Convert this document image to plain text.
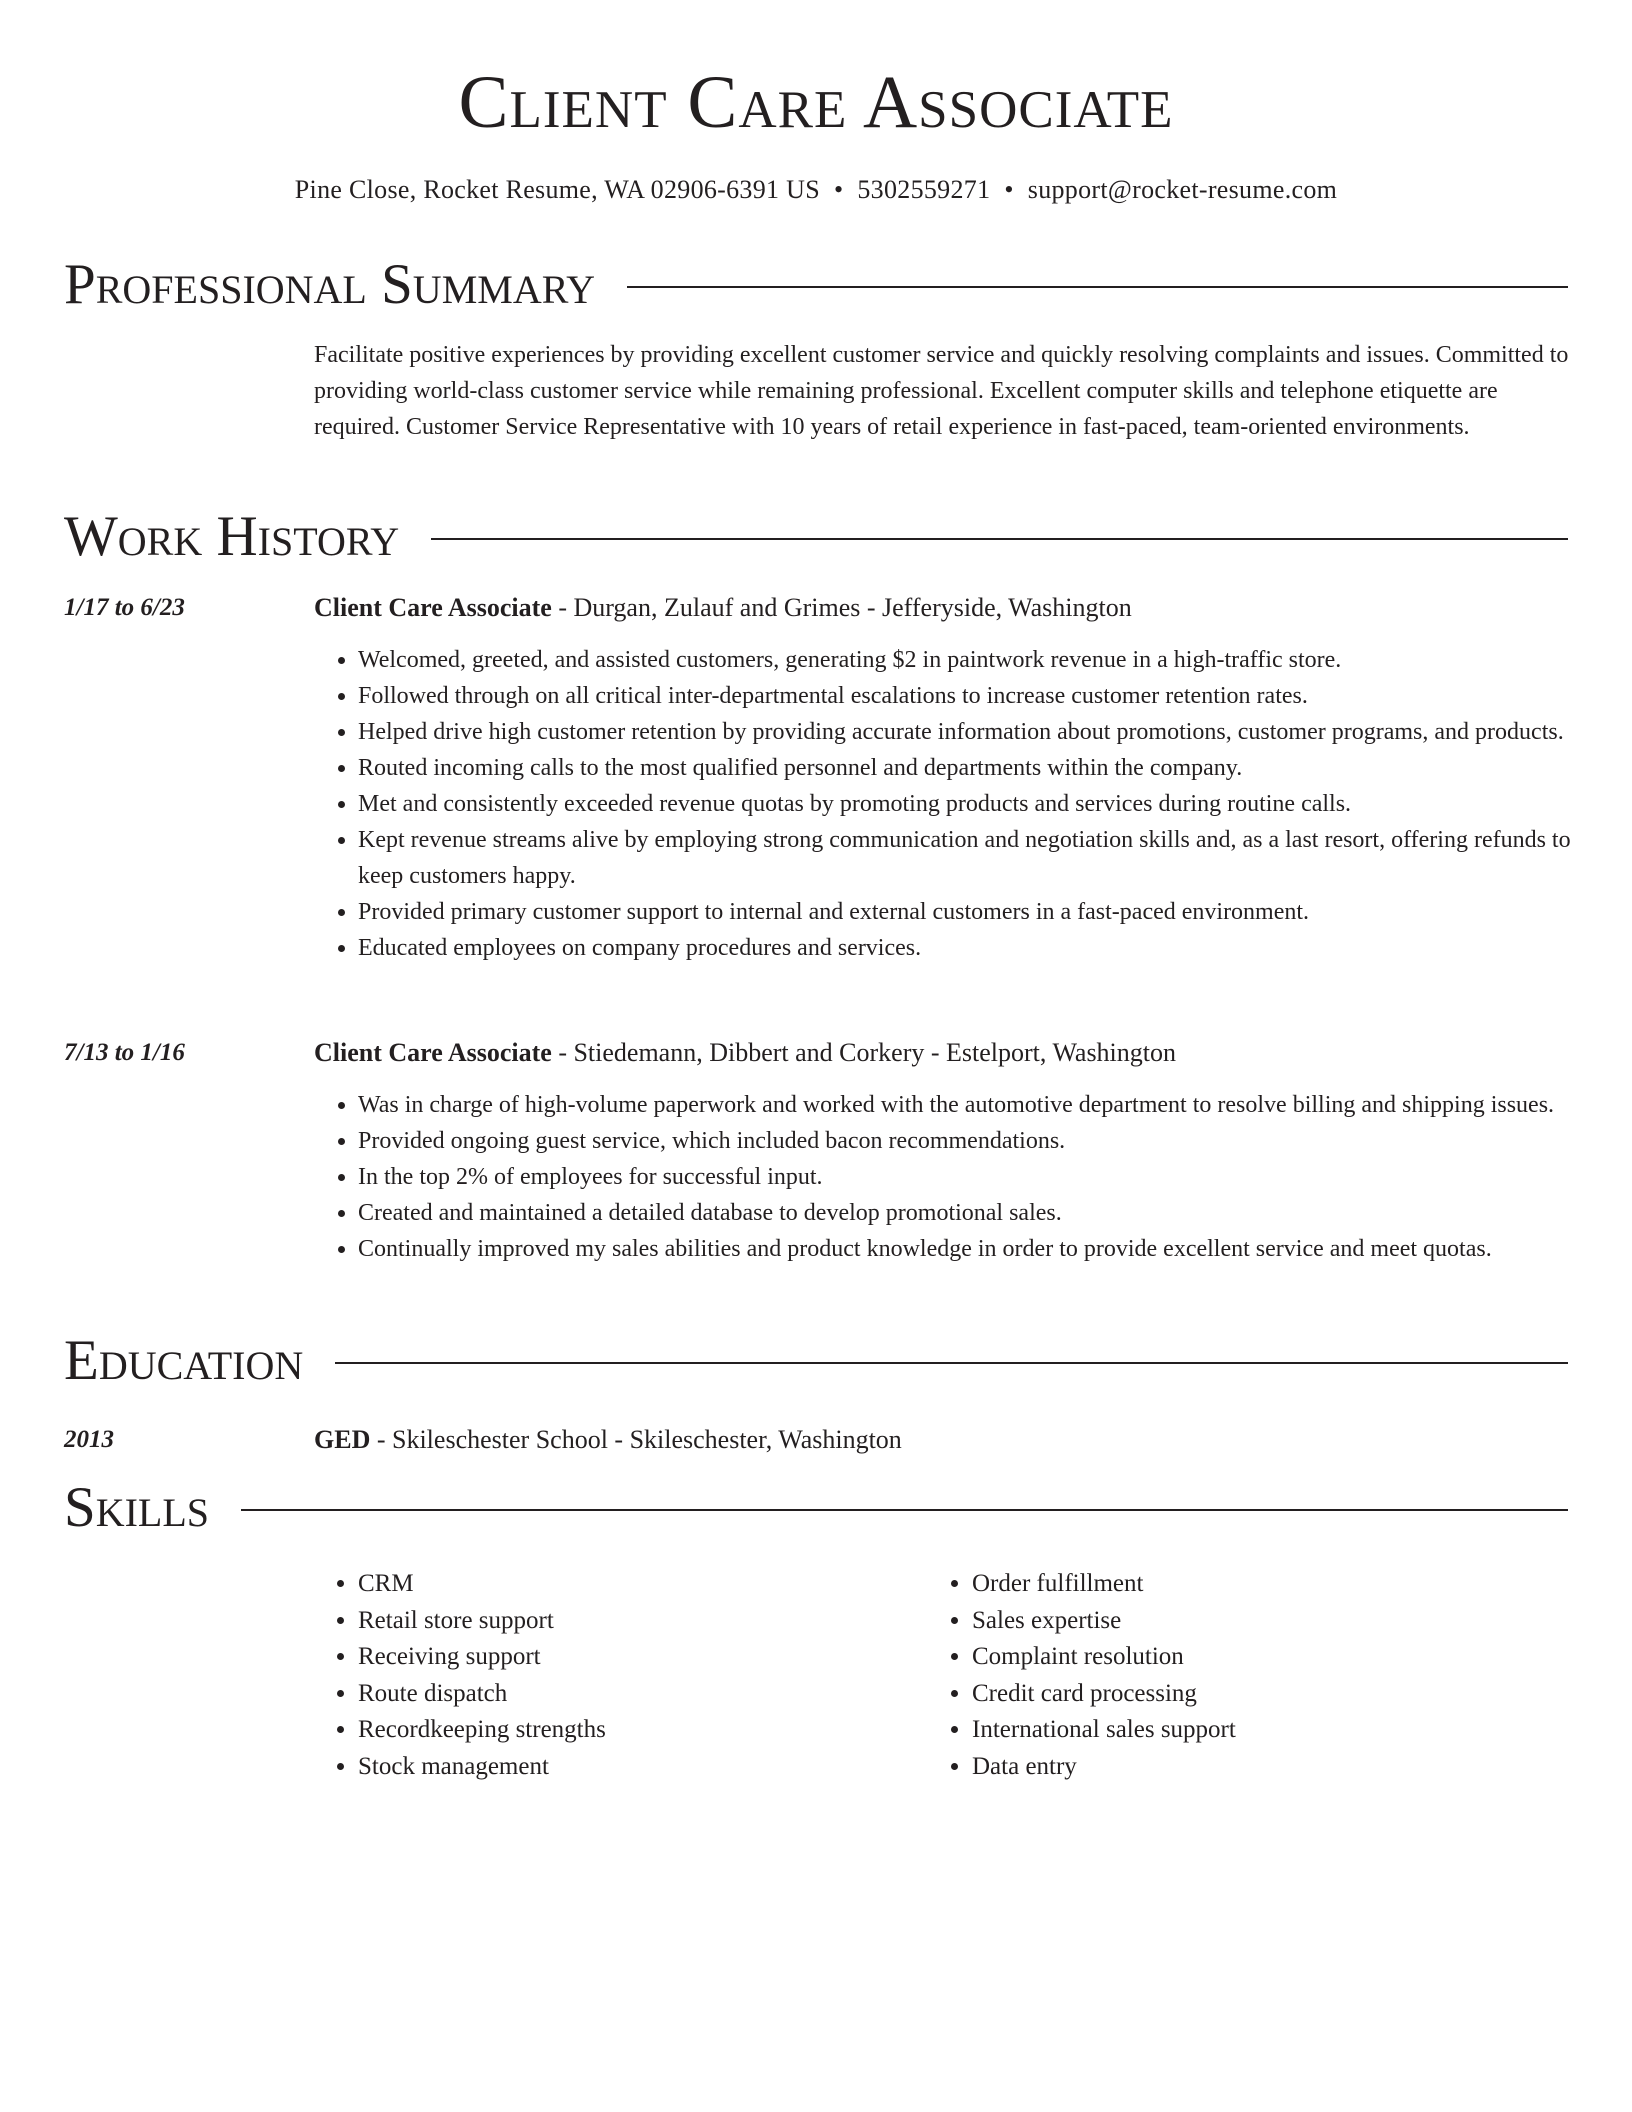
Client Care Associate
Pine Close, Rocket Resume, WA 02906-6391 US • 5302559271 • support@rocket-resume.com
Professional Summary
Facilitate positive experiences by providing excellent customer service and quickly resolving complaints and issues. Committed to providing world-class customer service while remaining professional. Excellent computer skills and telephone etiquette are required. Customer Service Representative with 10 years of retail experience in fast-paced, team-oriented environments.
Work History
1/17 to 6/23	Client Care Associate - Durgan, Zulauf and Grimes - Jefferyside, Washington
• Welcomed, greeted, and assisted customers, generating $2 in paintwork revenue in a high-traffic store.
• Followed through on all critical inter-departmental escalations to increase customer retention rates.
• Helped drive high customer retention by providing accurate information about promotions, customer programs, and products.
• Routed incoming calls to the most qualified personnel and departments within the company.
• Met and consistently exceeded revenue quotas by promoting products and services during routine calls.
• Kept revenue streams alive by employing strong communication and negotiation skills and, as a last resort, offering refunds to keep customers happy.
• Provided primary customer support to internal and external customers in a fast-paced environment.
• Educated employees on company procedures and services.
7/13 to 1/16	Client Care Associate - Stiedemann, Dibbert and Corkery - Estelport, Washington
• Was in charge of high-volume paperwork and worked with the automotive department to resolve billing and shipping issues.
• Provided ongoing guest service, which included bacon recommendations.
• In the top 2% of employees for successful input.
• Created and maintained a detailed database to develop promotional sales.
• Continually improved my sales abilities and product knowledge in order to provide excellent service and meet quotas.
Education
2013	GED - Skileschester School - Skileschester, Washington
Skills
• CRM
• Retail store support
• Receiving support
• Route dispatch
• Recordkeeping strengths
• Stock management
• Order fulfillment
• Sales expertise
• Complaint resolution
• Credit card processing
• International sales support
• Data entry
